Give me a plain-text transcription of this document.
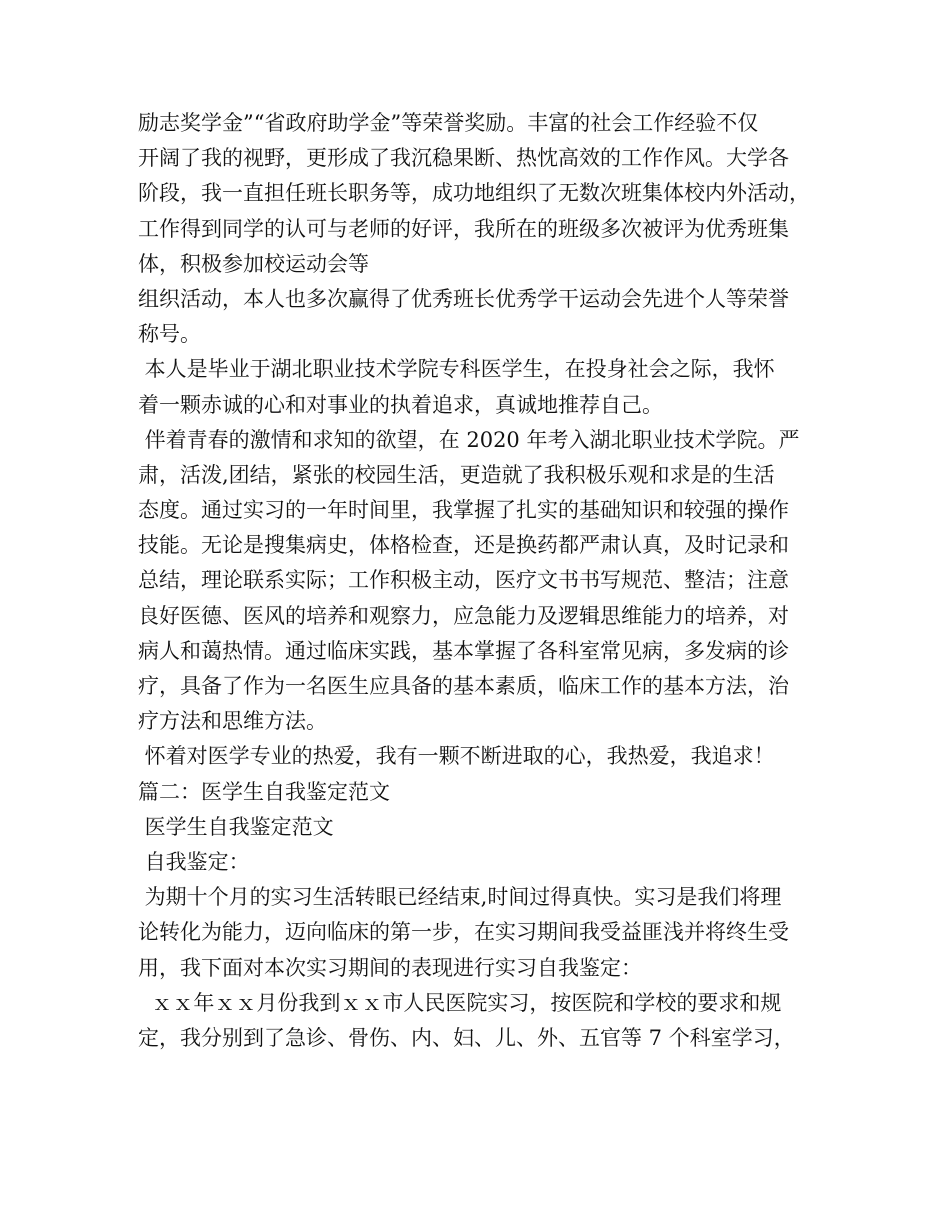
励志奖学金”“省政府助学金”等荣誉奖励。丰富的社会工作经验不仅
开阔了我的视野，更形成了我沉稳果断、热忱高效的工作作风。大学各
阶段，我一直担任班长职务等，成功地组织了无数次班集体校内外活动，
工作得到同学的认可与老师的好评，我所在的班级多次被评为优秀班集
体，积极参加校运动会等
组织活动，本人也多次赢得了优秀班长优秀学干运动会先进个人等荣誉
称号。
本人是毕业于湖北职业技术学院专科医学生，在投身社会之际，我怀
着一颗赤诚的心和对事业的执着追求，真诚地推荐自己。
伴着青春的激情和求知的欲望，在 2020 年考入湖北职业技术学院。严
肃，活泼,团结，紧张的校园生活，更造就了我积极乐观和求是的生活
态度。通过实习的一年时间里，我掌握了扎实的基础知识和较强的操作
技能。无论是搜集病史，体格检查，还是换药都严肃认真，及时记录和
总结，理论联系实际；工作积极主动，医疗文书书写规范、整洁；注意
良好医德、医风的培养和观察力，应急能力及逻辑思维能力的培养，对
病人和蔼热情。通过临床实践，基本掌握了各科室常见病，多发病的诊
疗，具备了作为一名医生应具备的基本素质，临床工作的基本方法，治
疗方法和思维方法。
怀着对医学专业的热爱，我有一颗不断进取的心，我热爱，我追求！
篇二：医学生自我鉴定范文
医学生自我鉴定范文
自我鉴定：
为期十个月的实习生活转眼已经结束,时间过得真快。实习是我们将理
论转化为能力，迈向临床的第一步，在实习期间我受益匪浅并将终生受
用，我下面对本次实习期间的表现进行实习自我鉴定：
ｘｘ年ｘｘ月份我到ｘｘ市人民医院实习，按医院和学校的要求和规
定，我分别到了急诊、骨伤、内、妇、儿、外、五官等 7 个科室学习，
